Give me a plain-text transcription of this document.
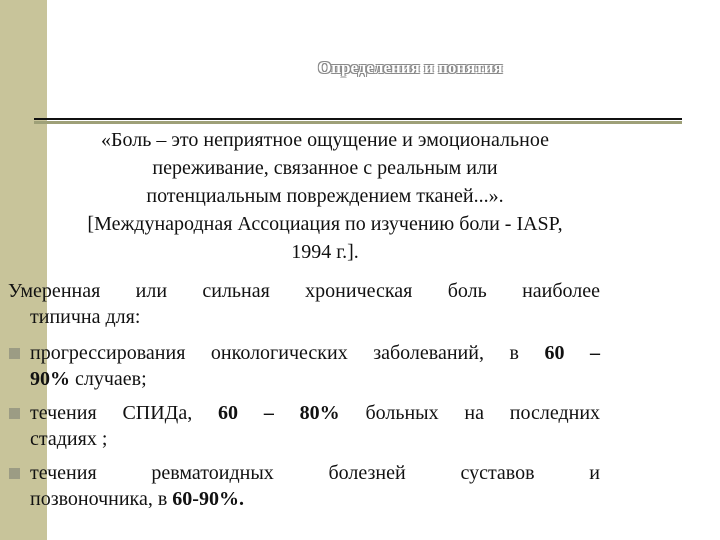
Определения и понятия
«Боль – это неприятное ощущение и эмоциональное
переживание, связанное с реальным или
потенциальным повреждением тканей...».
[Международная Ассоциация по изучению боли - IASP,
1994 г.].
Умеренная или сильная хроническая боль наиболее
типична для:
прогрессирования онкологических заболеваний, в 60 –
90% случаев;
течения СПИДа, 60 – 80% больных на последних
стадиях ;
течения ревматоидных болезней суставов и
позвоночника, в 60-90%.
